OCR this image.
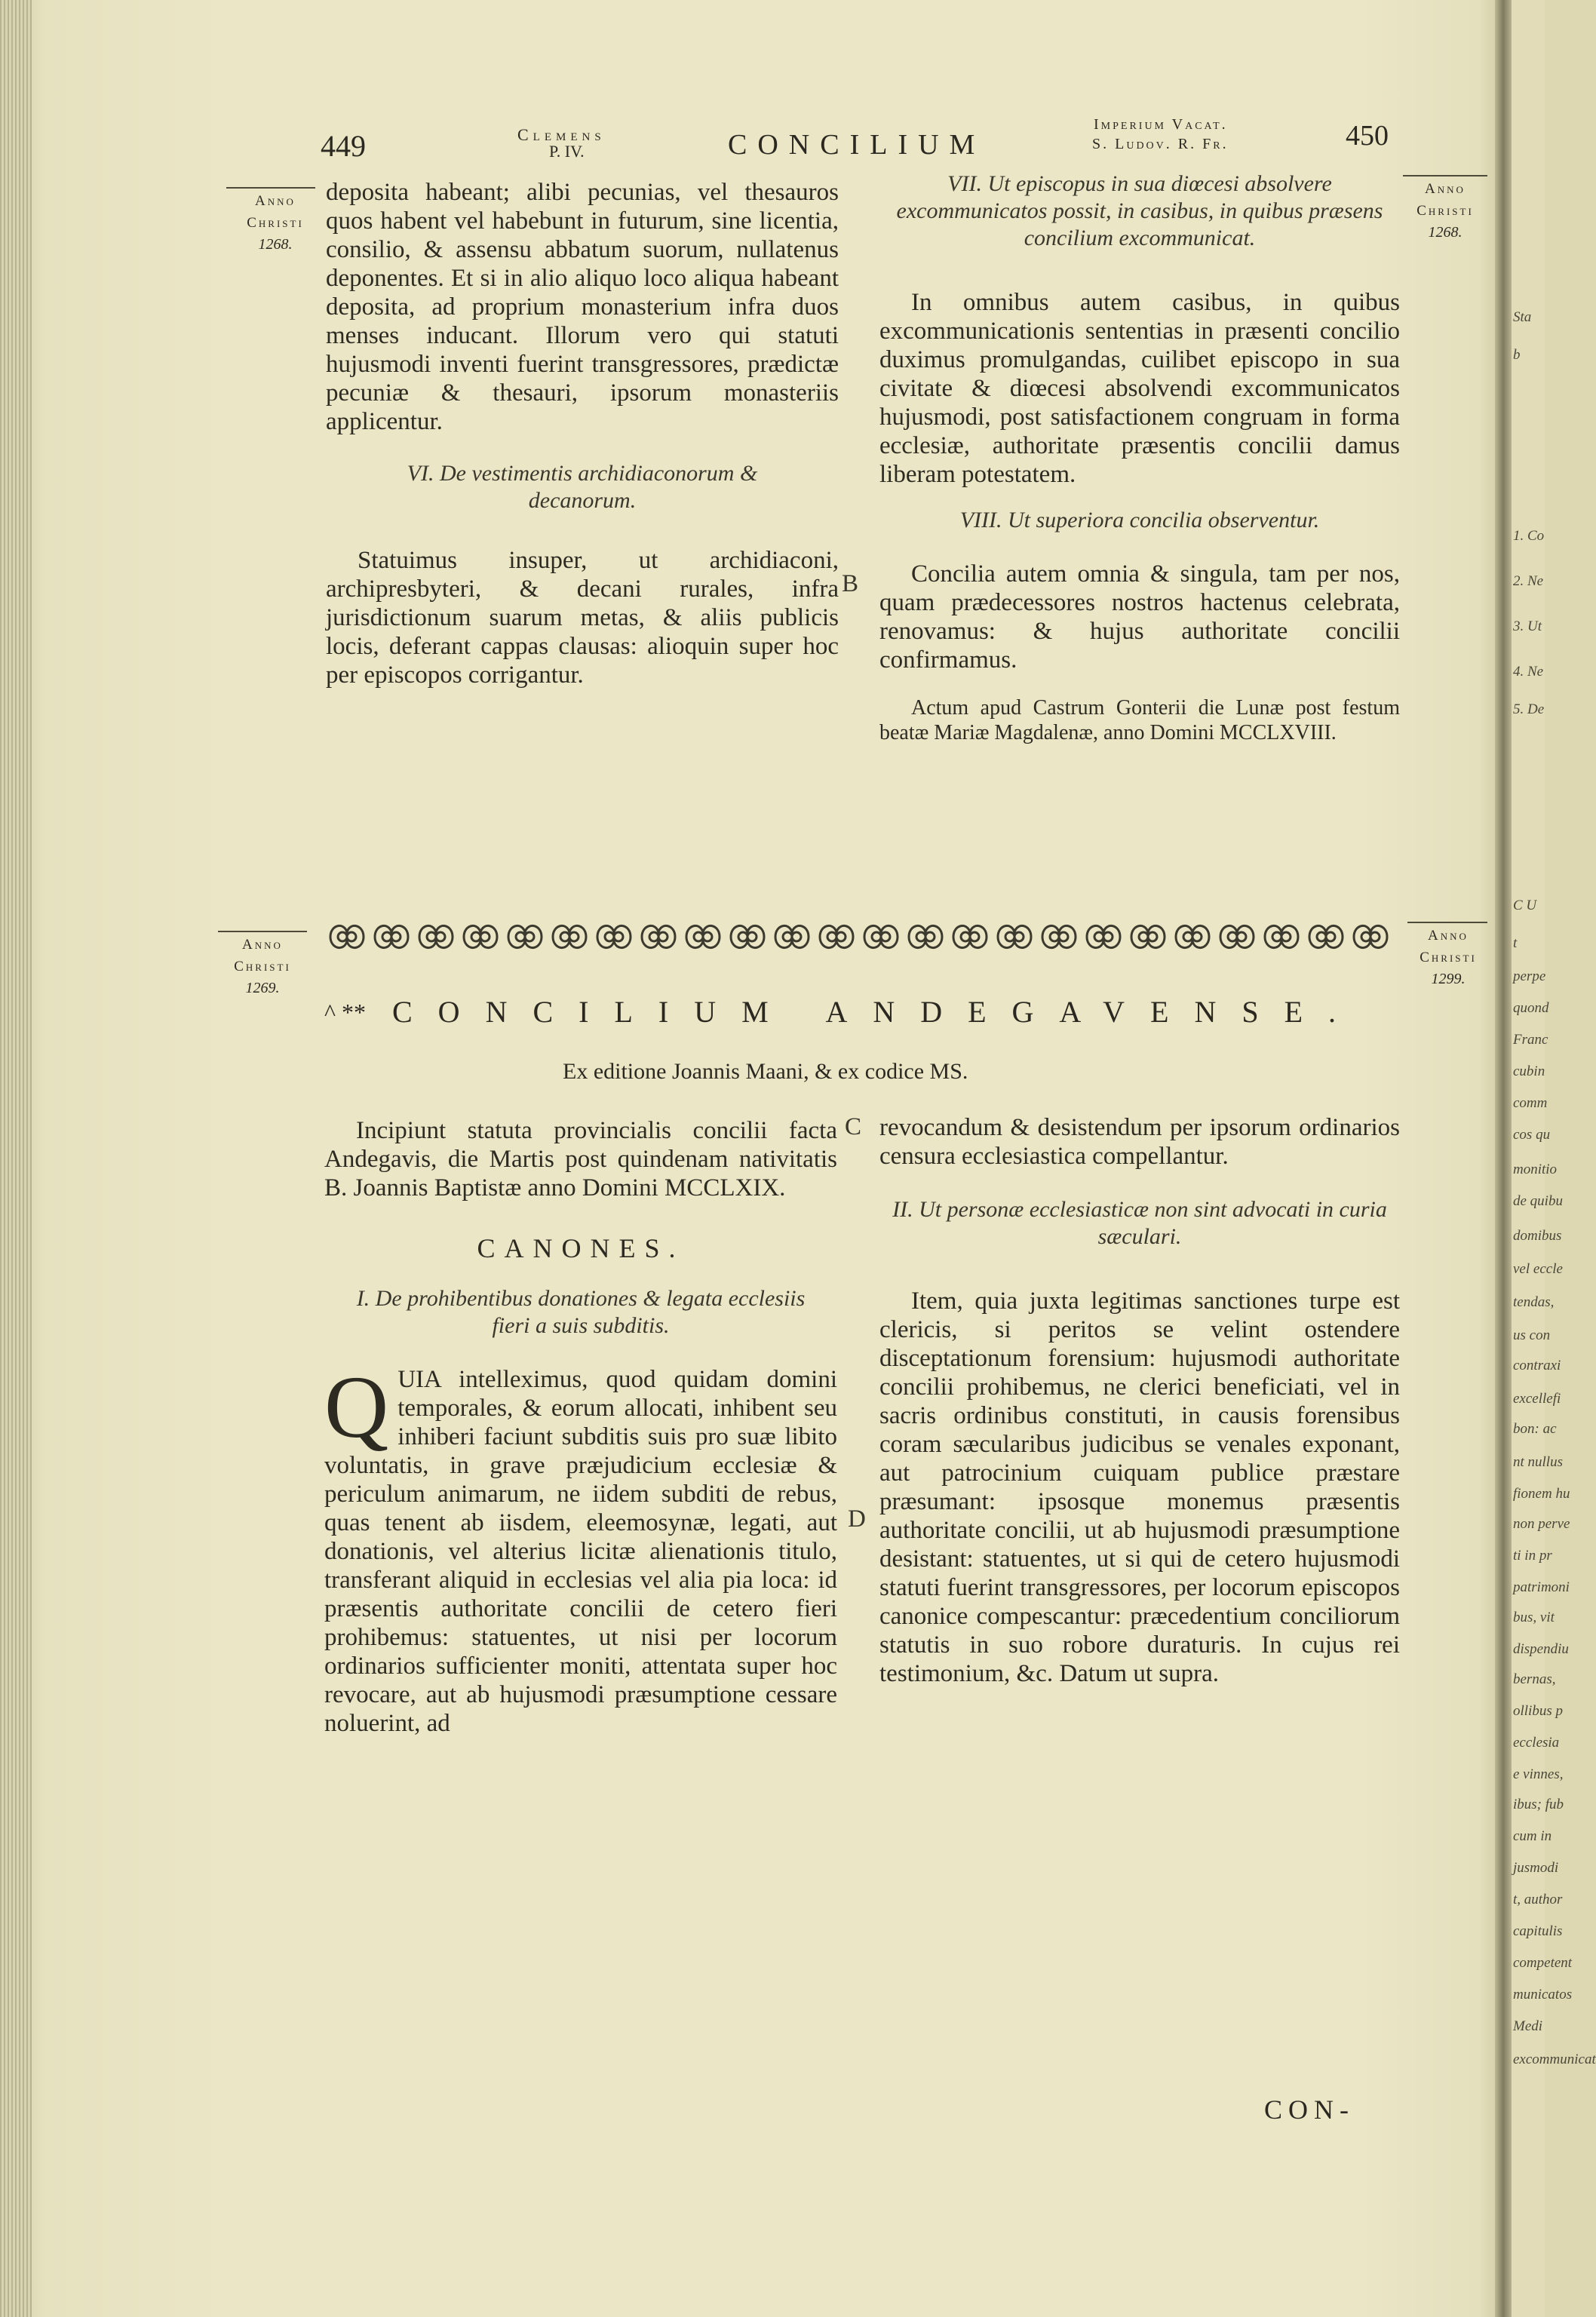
Sta
b
1. Co
2. Ne
3. Ut
4. Ne
5. De
C U
t
perpe
quond
Franc
cubin
comm
cos qu
monitio
de quibu
domibus
vel eccle
tendas,
us con
contraxi
excellefi
bon: ac
nt nullus
fionem hu
non perve
ti in pr
patrimoni
bus, vit
dispendiu
bernas,
ollibus p
ecclesia
e vinnes,
ibus; fub
cum in
jusmodi
t, author
capitulis
competent
municatos
Medi
excommunicat
449	Clemens
P. IV.	CONCILIUM
Imperium Vacat.
S. Ludov. R. Fr.	450
Anno
Christi
1268.
Anno
Christi
1268.
Anno
Christi
1269.
Anno
Christi
1299.
B
C
D

deposita habeant; alibi pecunias, vel thesauros quos habent vel habebunt in futurum, sine licentia, consilio, & assensu abbatum suorum, nullatenus deponentes. Et si in alio aliquo loco aliqua habeant deposita, ad proprium monasterium infra duos menses inducant. Illorum vero qui statuti hujusmodi inventi fuerint transgressores, prædictæ pecuniæ & thesauri, ipsorum monasteriis applicentur.

VI. De vestimentis archidiaconorum & decanorum.

Statuimus insuper, ut archidiaconi, archipresbyteri, & decani rurales, infra jurisdictionum suarum metas, & aliis publicis locis, deferant cappas clausas: alioquin super hoc per episcopos corrigantur.

VII. Ut episcopus in sua diœcesi absolvere excommunicatos possit, in casibus, in quibus præsens concilium excommunicat.

In omnibus autem casibus, in quibus excommunicationis sententias in præsenti concilio duximus promulgandas, cuilibet episcopo in sua civitate & diœcesi absolvendi excommunicatos hujusmodi, post satisfactionem congruam in forma ecclesiæ, authoritate præsentis concilii damus liberam potestatem.

VIII. Ut superiora concilia observentur.

Concilia autem omnia & singula, tam per nos, quam prædecessores nostros hactenus celebrata, renovamus: & hujus authoritate concilii confirmamus.

Actum apud Castrum Gonterii die Lunæ post festum beatæ Mariæ Magdalenæ, anno Domini MCCLXVIII.

^ ** CONCILIUM ANDEGAVENSE.
Ex editione Joannis Maani, & ex codice MS.

Incipiunt statuta provincialis concilii facta Andegavis, die Martis post quindenam nativitatis B. Joannis Baptistæ anno Domini MCCLXIX.

CANONES.
I. De prohibentibus donationes & legata ecclesiis fieri a suis subditis.
Q UIA intelleximus, quod quidam domini temporales, & eorum allocati, inhibent seu inhiberi faciunt subditis suis pro suæ libito voluntatis, in grave præjudicium ecclesiæ & periculum animarum, ne iidem subditi de rebus, quas tenent ab iisdem, eleemosynæ, legati, aut donationis, vel alterius licitæ alienationis titulo, transferant aliquid in ecclesias vel alia pia loca: id præsentis authoritate concilii de cetero fieri prohibemus: statuentes, ut nisi per locorum ordinarios sufficienter moniti, attentata super hoc revocare, aut ab hujusmodi præsumptione cessare noluerint, ad

revocandum & desistendum per ipsorum ordinarios censura ecclesiastica compellantur.

II. Ut personæ ecclesiasticæ non sint advocati in curia sæculari.

Item, quia juxta legitimas sanctiones turpe est clericis, si peritos se velint ostendere disceptationum forensium: hujusmodi authoritate concilii prohibemus, ne clerici beneficiati, vel in sacris ordinibus constituti, in causis forensibus coram sæcularibus judicibus se venales exponant, aut patrocinium cuiquam publice præstare præsumant: ipsosque monemus præsentis authoritate concilii, ut ab hujusmodi præsumptione desistant: statuentes, ut si qui de cetero hujusmodi statuti fuerint transgressores, per locorum episcopos canonice compescantur: præcedentium conciliorum statutis in suo robore duraturis. In cujus rei testimonium, &c. Datum ut supra.

CON-
